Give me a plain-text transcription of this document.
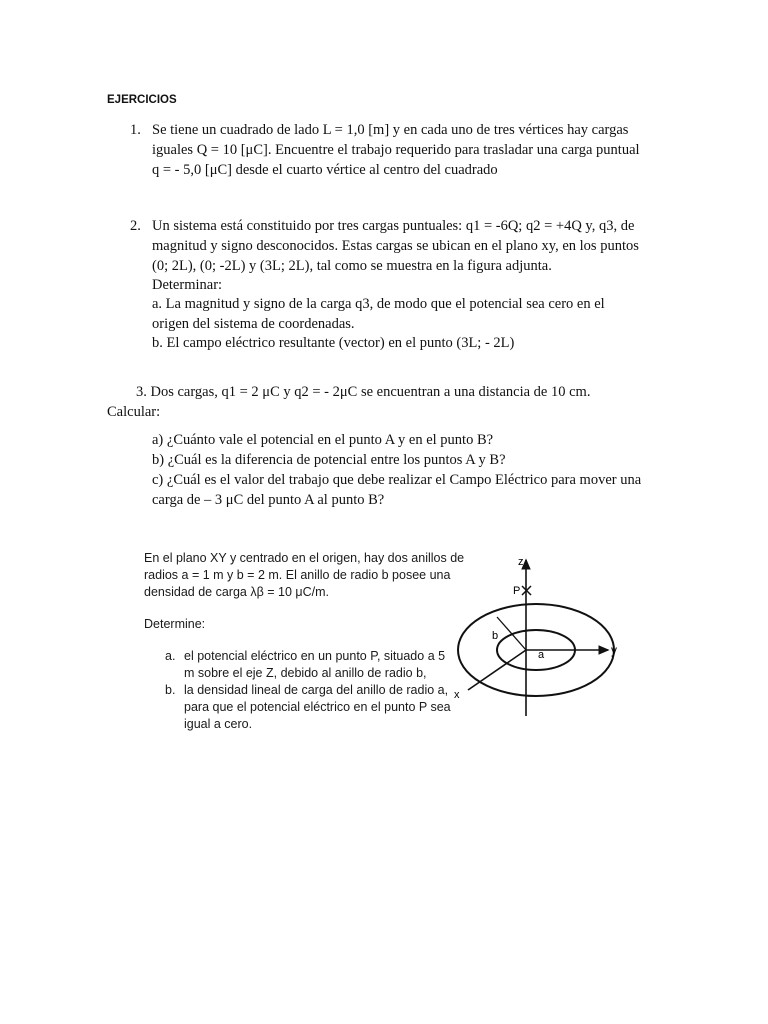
EJERCICIOS
1. Se tiene un cuadrado de lado L = 1,0 [m] y en cada uno de tres vértices hay cargas
iguales Q = 10 [μC]. Encuentre el trabajo requerido para trasladar una carga puntual
q = - 5,0 [μC] desde el cuarto vértice al centro del cuadrado
2. Un sistema está constituido por tres cargas puntuales: q1 = -6Q; q2 = +4Q y, q3, de
magnitud y signo desconocidos. Estas cargas se ubican en el plano xy, en los puntos
(0; 2L), (0; -2L) y (3L; 2L), tal como se muestra en la figura adjunta.
Determinar:
a. La magnitud y signo de la carga q3, de modo que el potencial sea cero en el
origen del sistema de coordenadas.
b. El campo eléctrico resultante (vector) en el punto (3L; - 2L)
3. Dos cargas, q1 = 2 μC y q2 = - 2μC se encuentran a una distancia de 10 cm.
Calcular:
a) ¿Cuánto vale el potencial en el punto A y en el punto B?
b) ¿Cuál es la diferencia de potencial entre los puntos A y B?
c) ¿Cuál es el valor del trabajo que debe realizar el Campo Eléctrico para mover una
carga de – 3 μC del punto A al punto B?
En el plano XY y centrado en el origen, hay dos anillos de
radios a = 1 m y b = 2 m. El anillo de radio b posee una
densidad de carga λβ = 10 μC/m.
Determine:
a. el potencial eléctrico en un punto P, situado a 5
m sobre el eje Z, debido al anillo de radio b,
b. la densidad lineal de carga del anillo de radio a,
para que el potencial eléctrico en el punto P sea
igual a cero.
z
P
y
x
b
a
